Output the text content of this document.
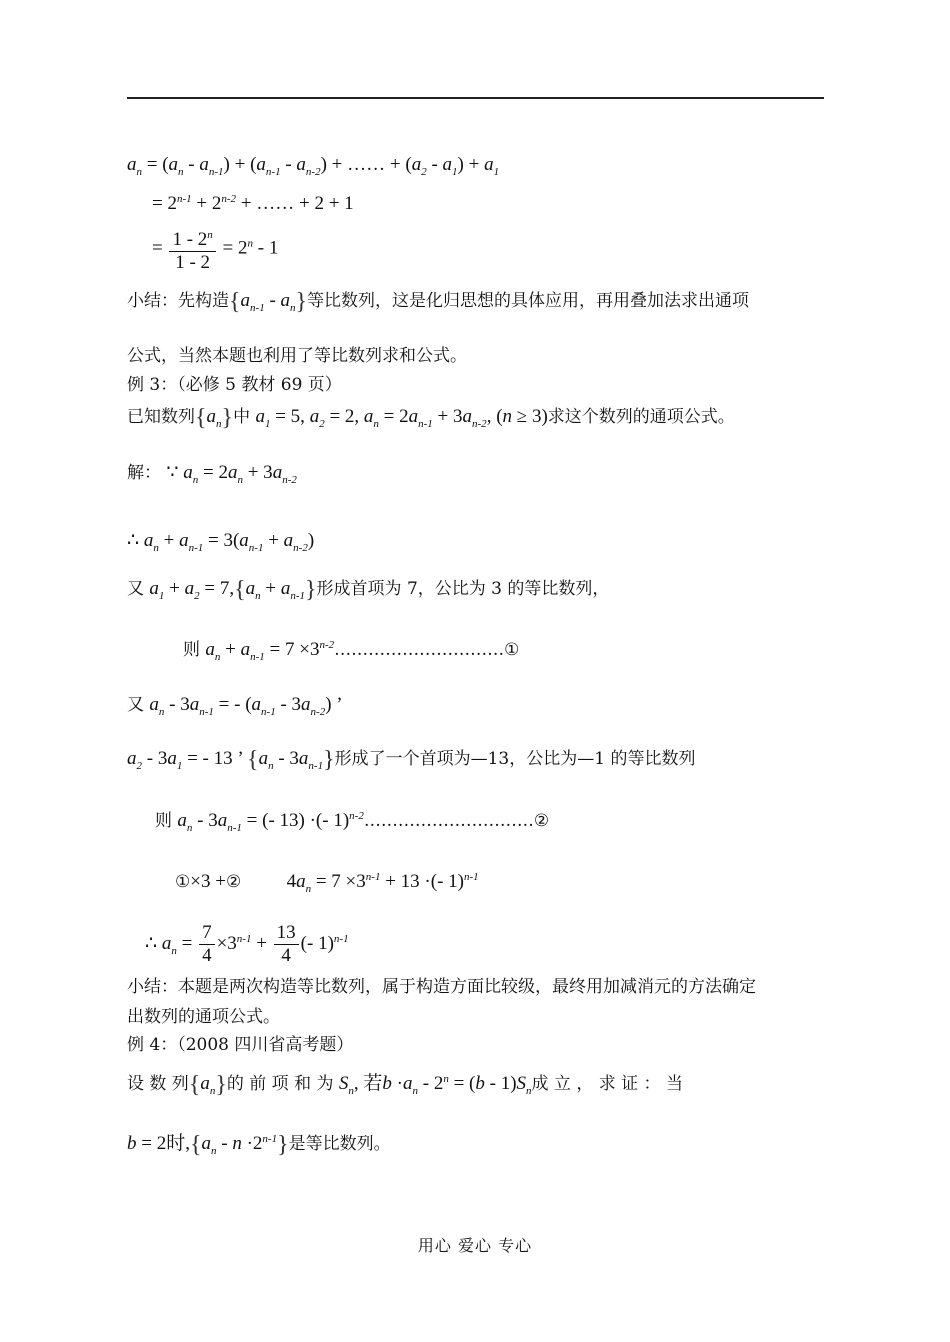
$a_n = (a_n - a_{n-1}) + (a_{n-1} - a_{n-2})$ + …… + $(a_2 - a_1) + a_1$
= $2^{n-1} + 2^{n-2}$ + …… + 2 + 1
= $\frac{1 - 2^n}{1 - 2} = 2^n - 1$
小结：先构造$\{a_{n-1} - a_n\}$等比数列，这是化归思想的具体应用，再用叠加法求出通项
公式，当然本题也利用了等比数列求和公式。
例 3：（必修 5 教材 69 页）
已知数列$\{a_n\}$中 $a_1 = 5$, $a_2 = 2$, $a_n = 2a_{n-1} + 3a_{n-2}$, (n ≥ 3)求这个数列的通项公式。
解： ∵ $a_n = 2a_n + 3a_{n-2}$
∴ $a_n + a_{n-1} = 3(a_{n-1} + a_{n-2})$
又 $a_1 + a_2 = 7,\{a_n + a_{n-1}\}$形成首项为 7，公比为 3 的等比数列，
则 $a_n + a_{n-1} = 7$ $\times 3^{n-2}\dots\dots\dots\dots\dots\dots\dots\dots\dots\dots ①$
又 $a_n - 3a_{n-1}$ = - $(a_{n-1} - 3a_{n-2})$ ’
$a_2 - 3a_1$ = - 13 ’ $\{a_n - 3a_{n-1}\}$形成了一个首项为—13，公比为—1 的等比数列
则 $a_n - 3a_{n-1}$ = (- 13) ·(- 1)$^{n-2}$…………………………②
①×3 +② $4a_n = 7 \times 3^{n-1} + 13$ ·(- 1)$^{n-1}$
∴ $a_n = \frac{7}{4} \times 3^{n-1} + \frac{13}{4}$ (- 1)$^{n-1}$
小结：本题是两次构造等比数列，属于构造方面比较级，最终用加减消元的方法确定
出数列的通项公式。
例 4：（2008 四川省高考题）
设 数 列$\{a_n\}$的 前 项 和 为 $S_n$, 若$b \cdot a_n - 2^n = (b - 1)S_n$成 立 ， 求 证 ： 当
b = 2时$,\{a_n - n \cdot 2^{n-1}\}$是等比数列。
用心 爱心 专心
